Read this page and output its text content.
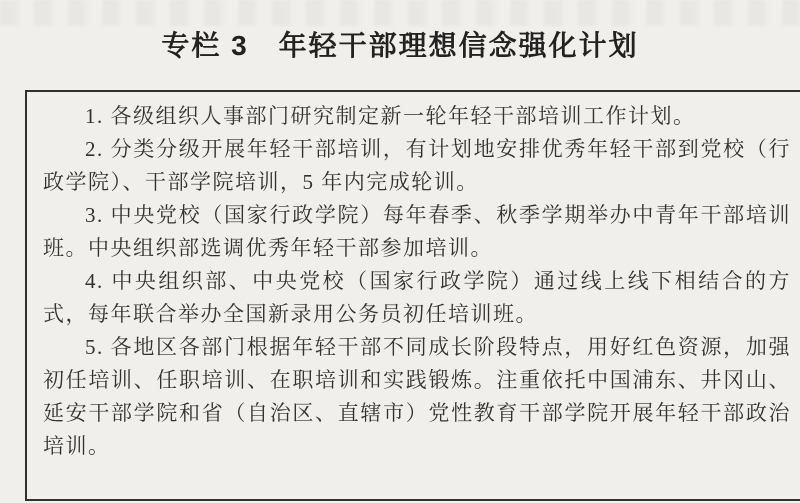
专栏 3　年轻干部理想信念强化计划

1. 各级组织人事部门研究制定新一轮年轻干部培训工作计划。

2. 分类分级开展年轻干部培训，有计划地安排优秀年轻干部到党校（行政学院）、干部学院培训，5 年内完成轮训。

3. 中央党校（国家行政学院）每年春季、秋季学期举办中青年干部培训班。中央组织部选调优秀年轻干部参加培训。

4. 中央组织部、中央党校（国家行政学院）通过线上线下相结合的方式，每年联合举办全国新录用公务员初任培训班。

5. 各地区各部门根据年轻干部不同成长阶段特点，用好红色资源，加强初任培训、任职培训、在职培训和实践锻炼。注重依托中国浦东、井冈山、延安干部学院和省（自治区、直辖市）党性教育干部学院开展年轻干部政治培训。
